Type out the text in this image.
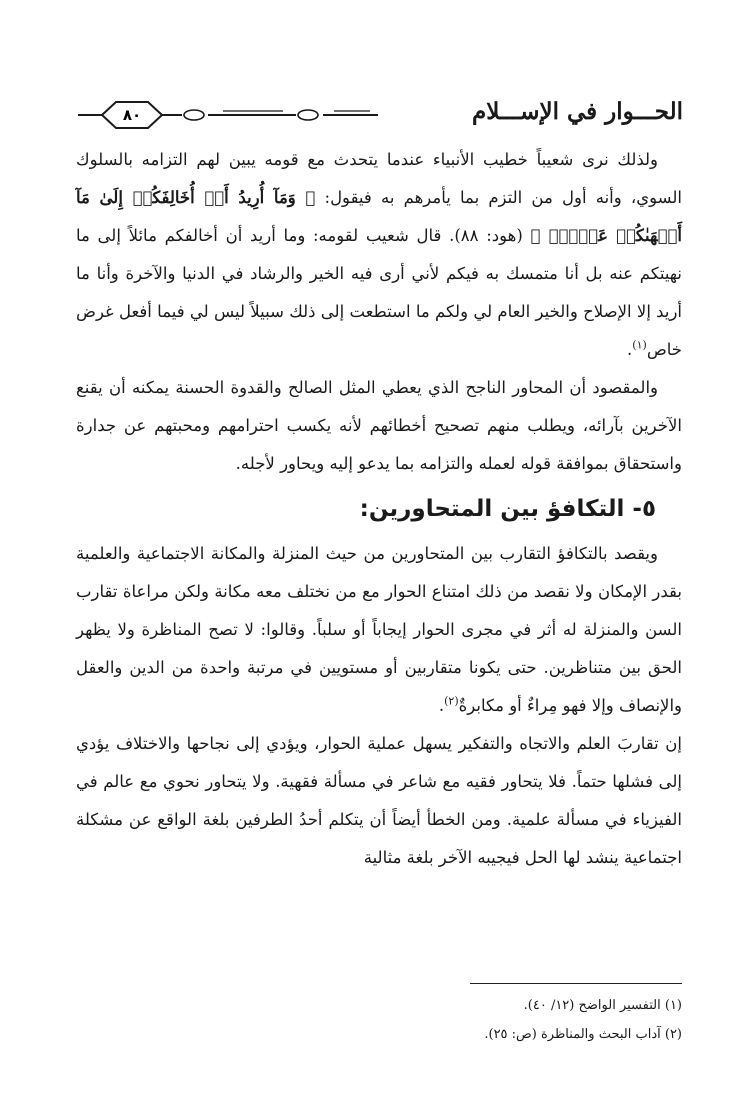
الحـــوار في الإســـلام
٨٠

ولذلك نرى شعيباً خطيب الأنبياء عندما يتحدث مع قومه يبين لهم التزامه بالسلوك السوي، وأنه أول من التزم بما يأمرهم به فيقول: ﴿ وَمَآ أُرِيدُ أَنۡ أُخَالِفَكُمۡ إِلَىٰ مَآ أَنۡهَىٰكُمۡ عَنۡهُۚ ﴾ (هود: ٨٨). قال شعيب لقومه: وما أريد أن أخالفكم مائلاً إلى ما نهيتكم عنه بل أنا متمسك به فيكم لأني أرى فيه الخير والرشاد في الدنيا والآخرة وأنا ما أريد إلا الإصلاح والخير العام لي ولكم ما استطعت إلى ذلك سبيلاً ليس لي فيما أفعل غرض خاص$^{(١)}$.

والمقصود أن المحاور الناجح الذي يعطي المثل الصالح والقدوة الحسنة يمكنه أن يقنع الآخرين بآرائه، ويطلب منهم تصحيح أخطائهم لأنه يكسب احترامهم ومحبتهم عن جدارة واستحقاق بموافقة قوله لعمله والتزامه بما يدعو إليه ويحاور لأجله.

٥- التكافؤ بين المتحاورين:

ويقصد بالتكافؤ التقارب بين المتحاورين من حيث المنزلة والمكانة الاجتماعية والعلمية بقدر الإمكان ولا نقصد من ذلك امتناع الحوار مع من نختلف معه مكانة ولكن مراعاة تقارب السن والمنزلة له أثر في مجرى الحوار إيجاباً أو سلباً. وقالوا: لا تصح المناظرة ولا يظهر الحق بين متناظرين. حتى يكونا متقاربين أو مستويين في مرتبة واحدة من الدين والعقل والإنصاف وإلا فهو مِراءٌ أو مكابرةٌ$^{(٢)}$.

إن تقاربَ العلم والاتجاه والتفكير يسهل عملية الحوار، ويؤدي إلى نجاحها والاختلاف يؤدي إلى فشلها حتماً. فلا يتحاور فقيه مع شاعر في مسألة فقهية. ولا يتحاور نحوي مع عالم في الفيزياء في مسألة علمية. ومن الخطأ أيضاً أن يتكلم أحدُ الطرفين بلغة الواقع عن مشكلة اجتماعية ينشد لها الحل فيجيبه الآخر بلغة مثالية

(١) التفسير الواضح (١٢/ ٤٠).
(٢) آداب البحث والمناظرة (ص: ٢٥).
